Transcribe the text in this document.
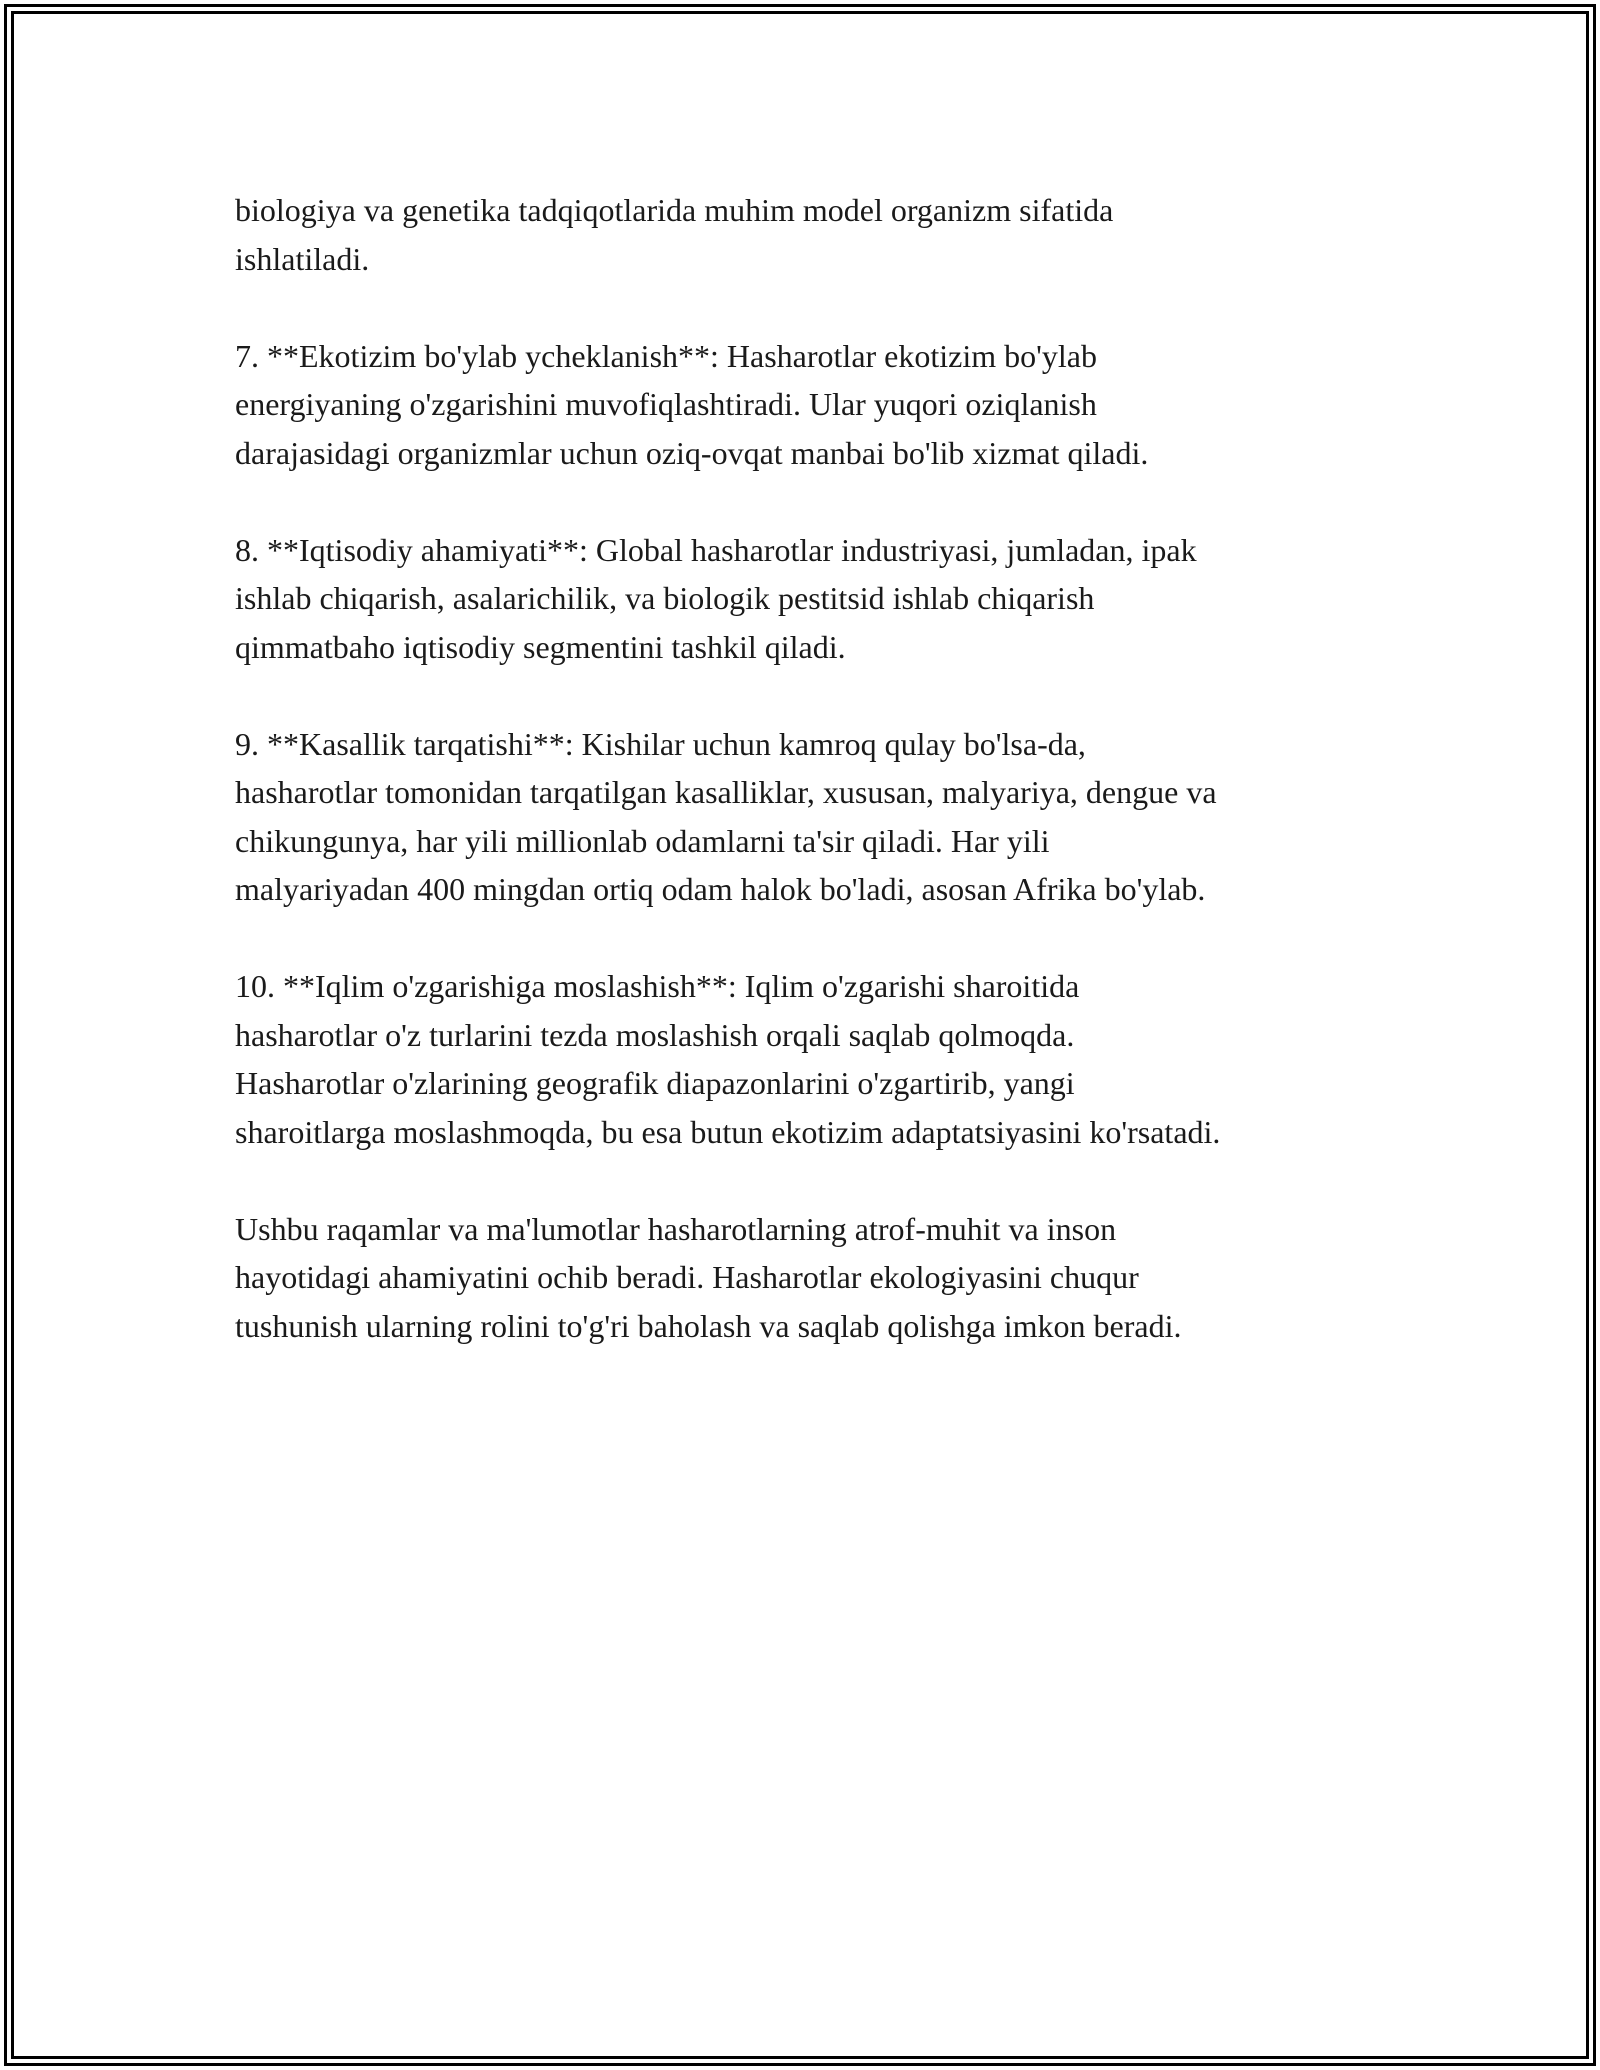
biologiya va genetika tadqiqotlarida muhim model organizm sifatida
ishlatiladi.

7. **Ekotizim bo'ylab ycheklanish**: Hasharotlar ekotizim bo'ylab
energiyaning o'zgarishini muvofiqlashtiradi. Ular yuqori oziqlanish
darajasidagi organizmlar uchun oziq-ovqat manbai bo'lib xizmat qiladi.

8. **Iqtisodiy ahamiyati**: Global hasharotlar industriyasi, jumladan, ipak
ishlab chiqarish, asalarichilik, va biologik pestitsid ishlab chiqarish
qimmatbaho iqtisodiy segmentini tashkil qiladi.

9. **Kasallik tarqatishi**: Kishilar uchun kamroq qulay bo'lsa-da,
hasharotlar tomonidan tarqatilgan kasalliklar, xususan, malyariya, dengue va
chikungunya, har yili millionlab odamlarni ta'sir qiladi. Har yili
malyariyadan 400 mingdan ortiq odam halok bo'ladi, asosan Afrika bo'ylab.

10. **Iqlim o'zgarishiga moslashish**: Iqlim o'zgarishi sharoitida
hasharotlar o'z turlarini tezda moslashish orqali saqlab qolmoqda.
Hasharotlar o'zlarining geografik diapazonlarini o'zgartirib, yangi
sharoitlarga moslashmoqda, bu esa butun ekotizim adaptatsiyasini ko'rsatadi.

Ushbu raqamlar va ma'lumotlar hasharotlarning atrof-muhit va inson
hayotidagi ahamiyatini ochib beradi. Hasharotlar ekologiyasini chuqur
tushunish ularning rolini to'g'ri baholash va saqlab qolishga imkon beradi.
